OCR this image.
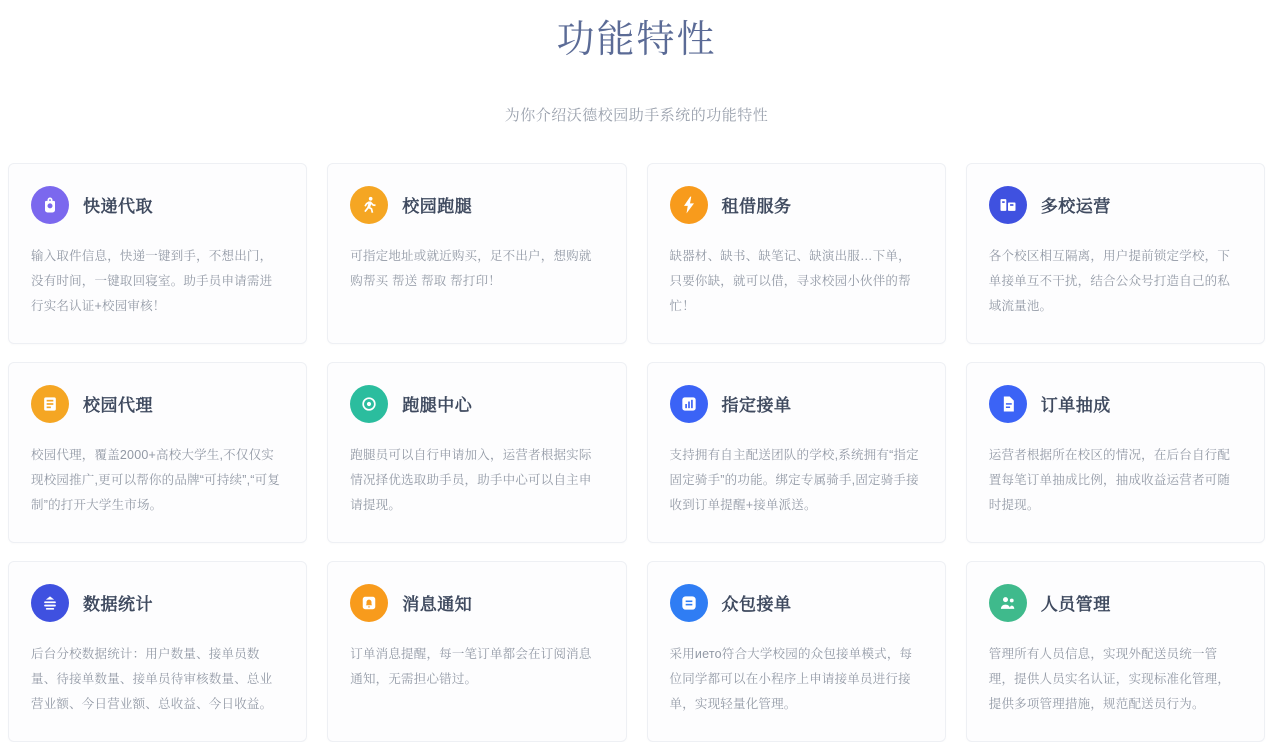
功能特性
为你介绍沃德校园助手系统的功能特性
快递代取
输入取件信息，快递一键到手，不想出门，没有时间，一键取回寝室。助手员申请需进行实名认证+校园审核！
校园跑腿
可指定地址或就近购买，足不出户，想购就购帮买 帮送 帮取 帮打印！
租借服务
缺器材、缺书、缺笔记、缺演出服…下单，只要你缺，就可以借，寻求校园小伙伴的帮忙！
多校运营
各个校区相互隔离，用户提前锁定学校，下单接单互不干扰，结合公众号打造自己的私域流量池。
校园代理
校园代理，覆盖2000+高校大学生,不仅仅实现校园推广,更可以帮你的品牌“可持续”,“可复制”的打开大学生市场。
跑腿中心
跑腿员可以自行申请加入，运营者根据实际情况择优选取助手员，助手中心可以自主申请提现。
指定接单
支持拥有自主配送团队的学校,系统拥有“指定固定骑手”的功能。绑定专属骑手,固定骑手接收到订单提醒+接单派送。
订单抽成
运营者根据所在校区的情况，在后台自行配置每笔订单抽成比例，抽成收益运营者可随时提现。
数据统计
后台分校数据统计：用户数量、接单员数量、待接单数量、接单员待审核数量、总业营业额、今日营业额、总收益、今日收益。
消息通知
订单消息提醒，每一笔订单都会在订阅消息通知，无需担心错过。
众包接单
采用ието符合大学校园的众包接单模式，每位同学都可以在小程序上申请接单员进行接单，实现轻量化管理。
人员管理
管理所有人员信息，实现外配送员统一管理，提供人员实名认证，实现标准化管理，提供多项管理措施，规范配送员行为。
